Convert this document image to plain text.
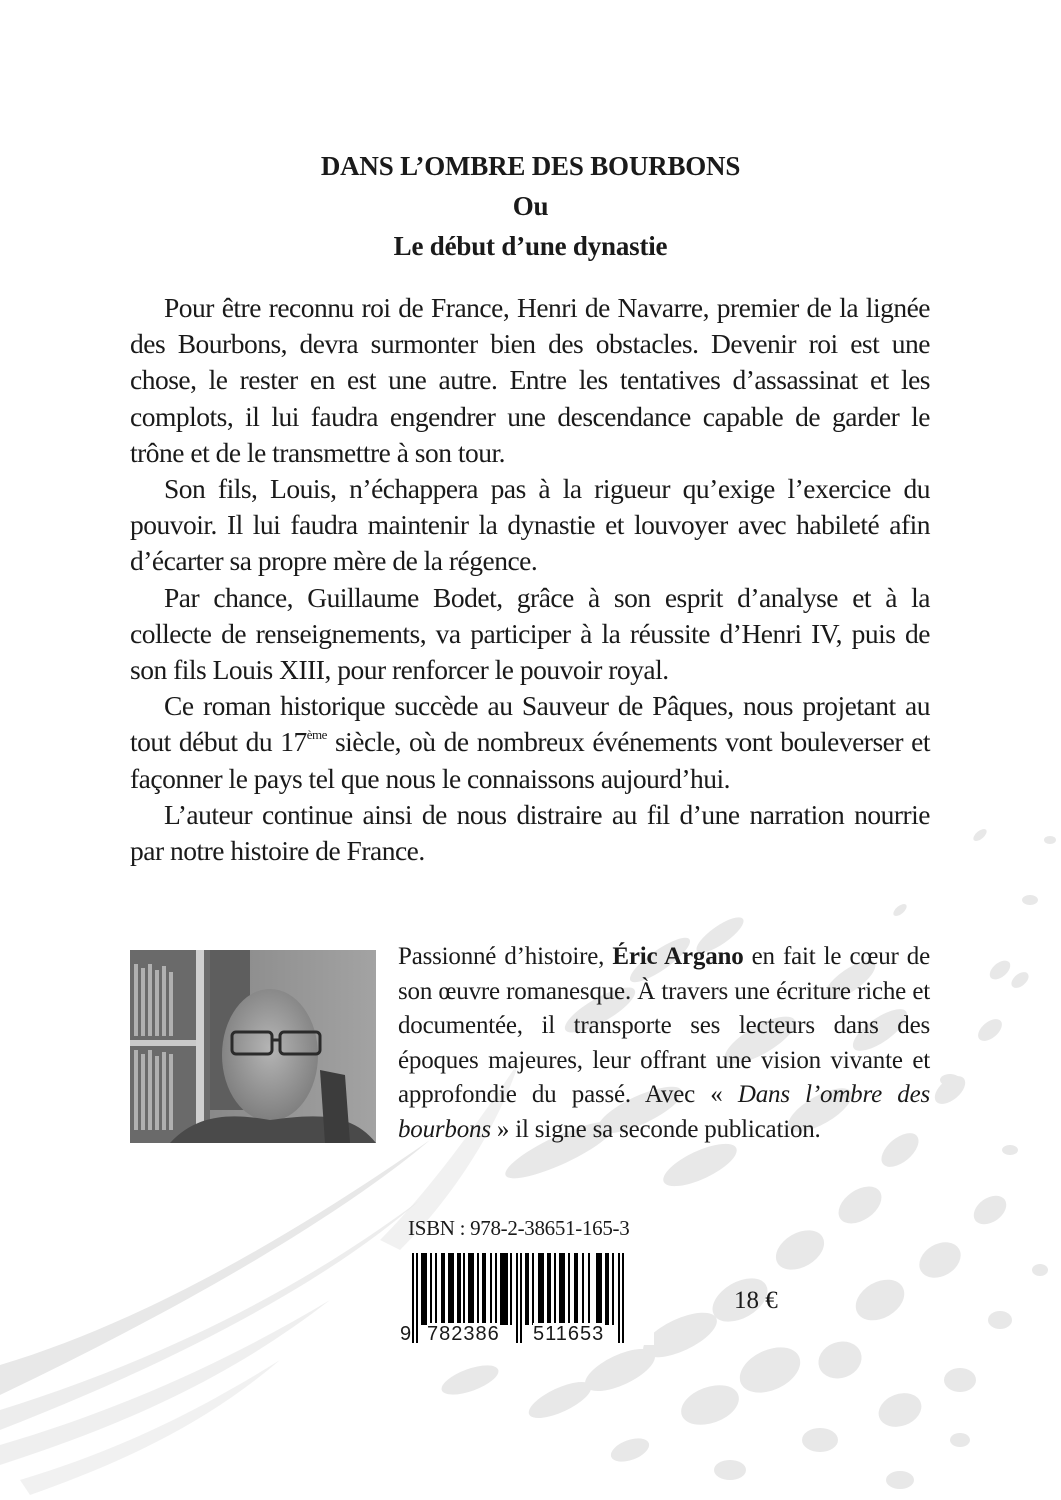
DANS L’OMBRE DES BOURBONS
Ou
Le début d’une dynastie

Pour être reconnu roi de France, Henri de Navarre, premier de la lignée des Bourbons, devra surmonter bien des obstacles. Devenir roi est une chose, le rester en est une autre. Entre les tentatives d’assassinat et les complots, il lui faudra engendrer une descendance capable de garder le trône et de le transmettre à son tour.

Son fils, Louis, n’échappera pas à la rigueur qu’exige l’exercice du pouvoir. Il lui faudra maintenir la dynastie et louvoyer avec habileté afin d’écarter sa propre mère de la régence.

Par chance, Guillaume Bodet, grâce à son esprit d’analyse et à la collecte de renseignements, va participer à la réussite d’Henri IV, puis de son fils Louis XIII, pour renforcer le pouvoir royal.

Ce roman historique succède au Sauveur de Pâques, nous projetant au tout début du 17ème siècle, où de nombreux événements vont bouleverser et façonner le pays tel que nous le connaissons aujourd’hui.

L’auteur continue ainsi de nous distraire au fil d’une narration nourrie par notre histoire de France.

Passionné d’histoire, Éric Argano en fait le cœur de son œuvre romanesque. À travers une écriture riche et documentée, il transporte ses lecteurs dans des époques majeures, leur offrant une vision vivante et approfondie du passé. Avec « Dans l’ombre des bourbons » il signe sa seconde publication.

ISBN : 978-2-38651-165-3
9 782386 511653
18 €
